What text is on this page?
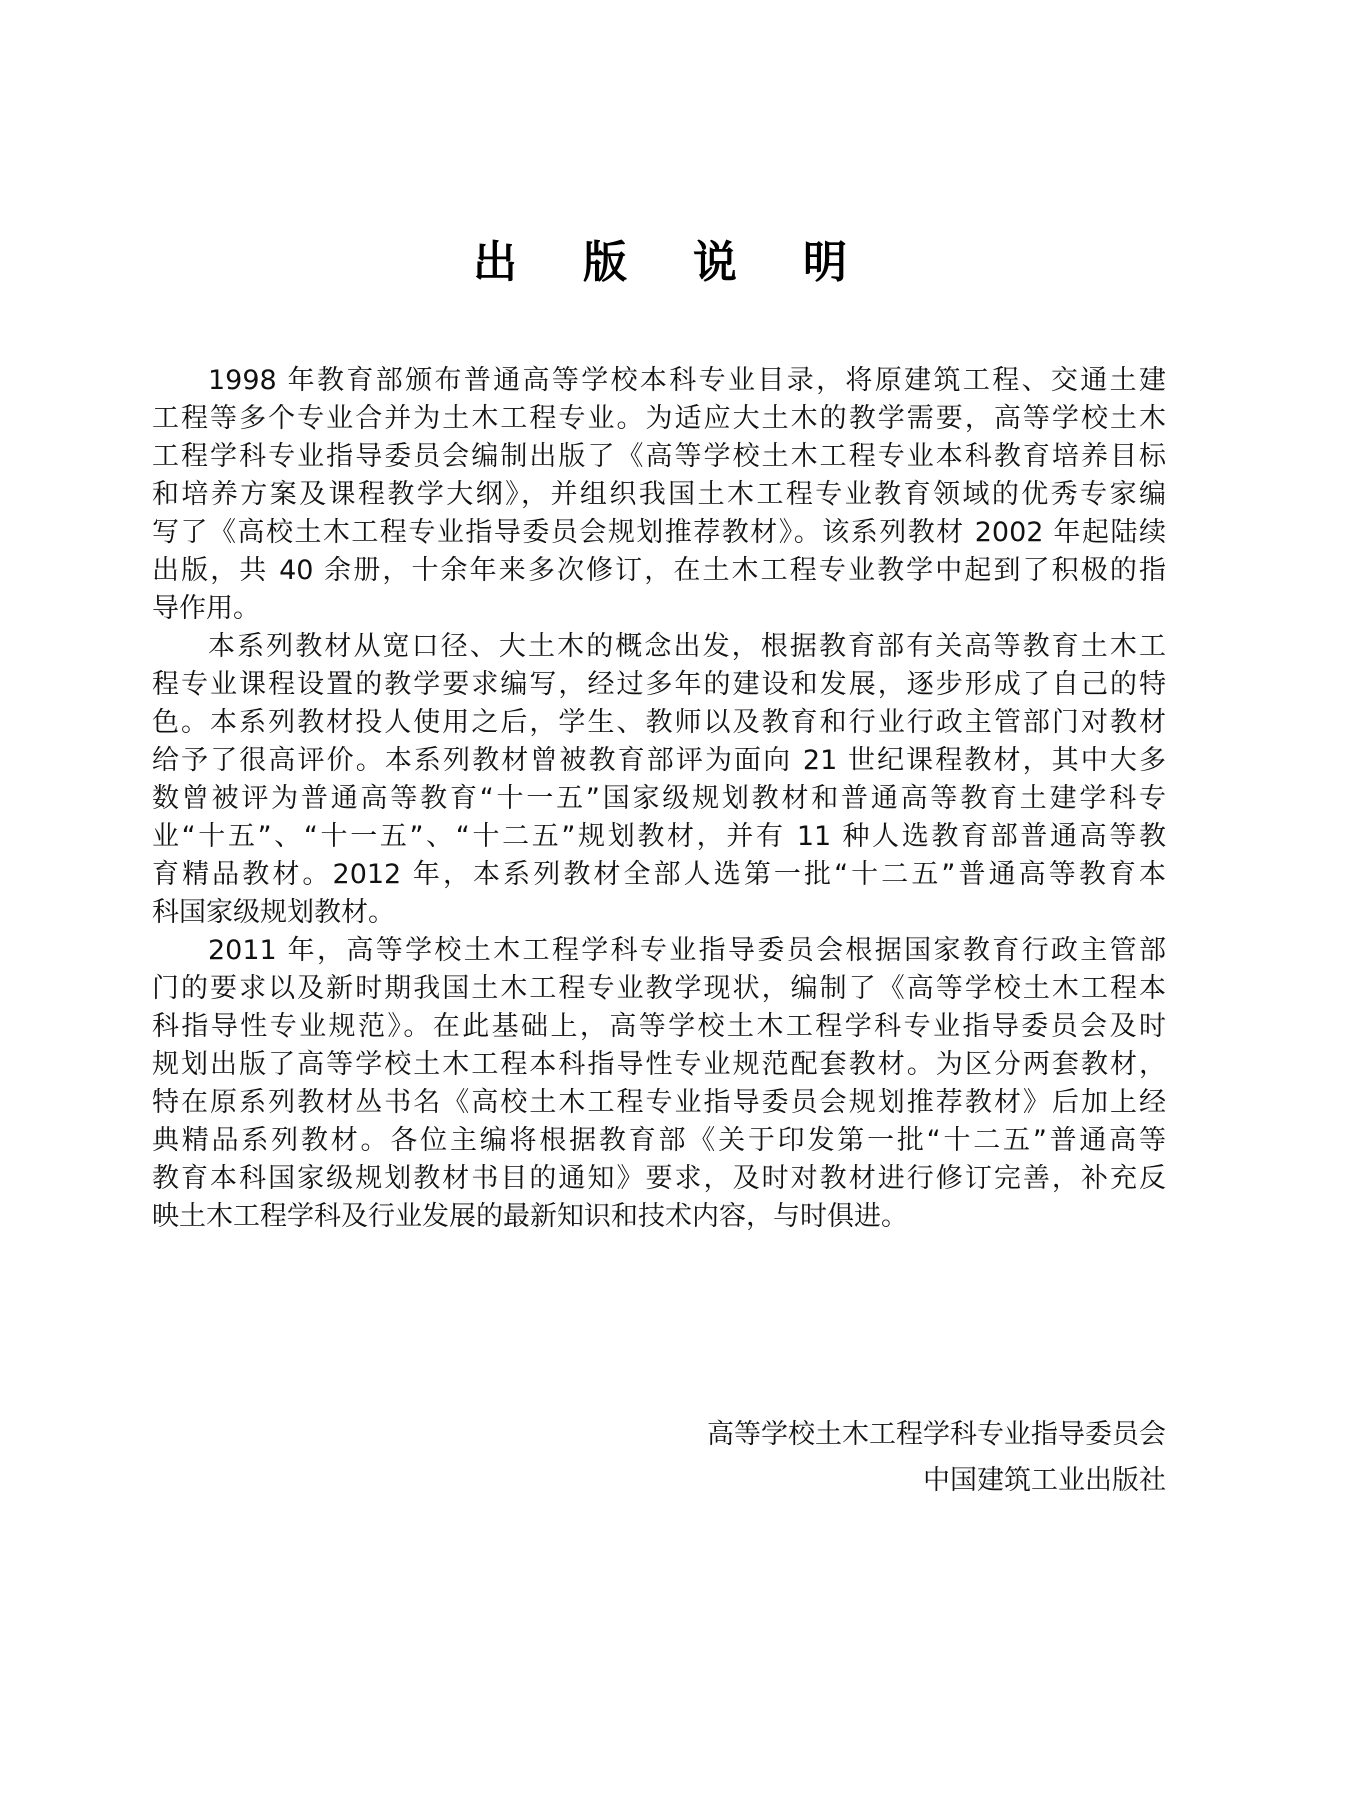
出 版 说 明
1998 年教育部颁布普通高等学校本科专业目录，将原建筑工程、交通土建
工程等多个专业合并为土木工程专业。为适应大土木的教学需要，高等学校土木
工程学科专业指导委员会编制出版了《高等学校土木工程专业本科教育培养目标
和培养方案及课程教学大纲》，并组织我国土木工程专业教育领域的优秀专家编
写了《高校土木工程专业指导委员会规划推荐教材》。该系列教材 2002 年起陆续
出版，共 40 余册，十余年来多次修订，在土木工程专业教学中起到了积极的指
导作用。
本系列教材从宽口径、大土木的概念出发，根据教育部有关高等教育土木工
程专业课程设置的教学要求编写，经过多年的建设和发展，逐步形成了自己的特
色。本系列教材投人使用之后，学生、教师以及教育和行业行政主管部门对教材
给予了很高评价。本系列教材曾被教育部评为面向 21 世纪课程教材，其中大多
数曾被评为普通高等教育“十一五”国家级规划教材和普通高等教育土建学科专
业“十五”、“十一五”、“十二五”规划教材，并有 11 种人选教育部普通高等教
育精品教材。2012 年，本系列教材全部人选第一批“十二五”普通高等教育本
科国家级规划教材。
2011 年，高等学校土木工程学科专业指导委员会根据国家教育行政主管部
门的要求以及新时期我国土木工程专业教学现状，编制了《高等学校土木工程本
科指导性专业规范》。在此基础上，高等学校土木工程学科专业指导委员会及时
规划出版了高等学校土木工程本科指导性专业规范配套教材。为区分两套教材，
特在原系列教材丛书名《高校土木工程专业指导委员会规划推荐教材》后加上经
典精品系列教材。各位主编将根据教育部《关于印发第一批“十二五”普通高等
教育本科国家级规划教材书目的通知》要求，及时对教材进行修订完善，补充反
映土木工程学科及行业发展的最新知识和技术内容，与时俱进。
高等学校土木工程学科专业指导委员会
中国建筑工业出版社
